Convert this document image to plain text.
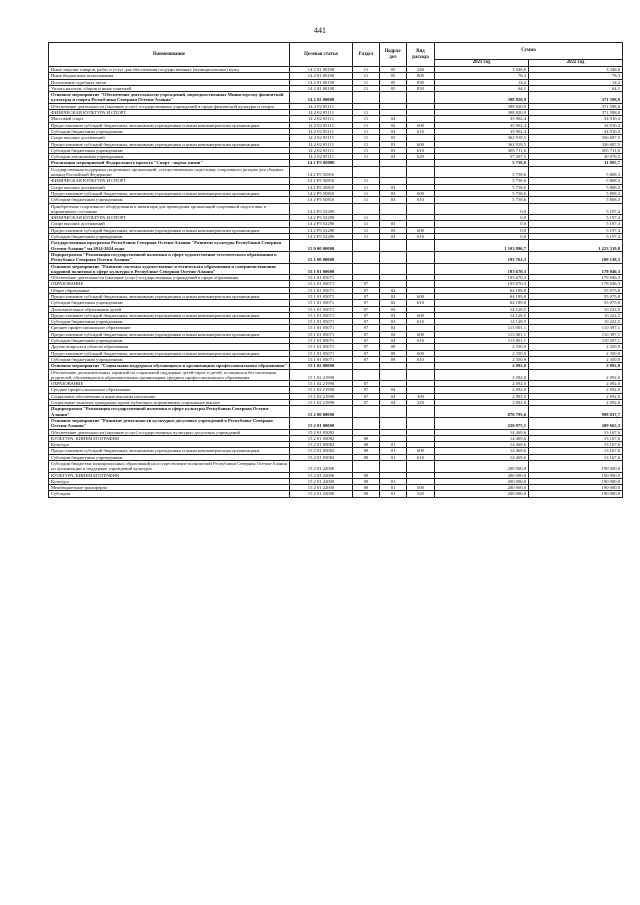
441
Наименование	Целевая статья	Раздел	Подраз-дел	Вид расхода	Сумма	
					2021 год	2022 год
Иные закупки товаров, работ и услуг для обеспечения государственных (муниципальных) нужд	14 2 01 00190	11	05	240	3 348,6	3 348,6
Иные бюджетные ассигнования	14 2 01 00190	11	05	800	78,3	78,3
Исполнение судебных актов	14 2 01 00190	11	05	830	14,2	14,2
Уплата налогов, сборов и иных платежей	14 2 01 00190	11	05	850	64,1	64,1
Основное мероприятие "Обеспечение деятельности учреждений, подведомственных Министерству физической культуры и спорта Республики Северная Осетия-Алания"	14 2 02 00000				398 820,9	371 598,0
Обеспечение деятельности (оказание услуг) государственных учреждений в сфере физической культуры и спорта	14 2 02 05111				398 820,9	371 598,0
ФИЗИЧЕСКАЯ КУЛЬТУРА И СПОРТ	14 2 02 05111	11			398 820,9	371 598,0
Массовый спорт	14 2 02 05111	11	02		35 902,4	34 910,4
Предоставление субсидий бюджетным, автономным учреждениям и иным некоммерческим организациям	14 2 02 05111	11	02	600	35 902,4	34 910,4
Субсидии бюджетным учреждениям	14 2 02 05111	11	02	610	35 902,4	34 910,4
Спорт высших достижений	14 2 02 05111	11	03		362 918,5	336 687,5
Предоставление субсидий бюджетным, автономным учреждениям и иным некоммерческим организациям	14 2 02 05111	11	03	600	362 918,5	336 687,5
Субсидии бюджетным учреждениям	14 2 02 05111	11	03	610	305 711,0	305 711,0
Субсидии автономным учреждениям	14 2 02 05111	11	03	620	57 207,5	30 976,5
Реализация мероприятий Федерального проекта "Спорт - норма жизни"	14 2 P5 00000				5 758,6	11 005,7
Государственная поддержка спортивных организаций, осуществляющих подготовку спортивного резерва для сборных команд Российской Федерации	14 2 P5 50810				5 758,6	5 808,3
ФИЗИЧЕСКАЯ КУЛЬТУРА И СПОРТ	14 2 P5 50810	11			5 758,6	5 808,3
Спорт высших достижений	14 2 P5 50810	11	03		5 758,6	5 808,3
Предоставление субсидий бюджетным, автономным учреждениям и иным некоммерческим организациям	14 2 P5 50810	11	03	600	5 758,6	5 808,3
Субсидии бюджетным учреждениям	14 2 P5 50810	11	03	610	5 758,6	5 808,3
Приобретение спортивного оборудования и инвентаря для приведения организаций спортивной подготовки в нормативное состояние	14 2 P5 52290				0,0	5 197,4
ФИЗИЧЕСКАЯ КУЛЬТУРА И СПОРТ	14 2 P5 52290	11			0,0	5 197,4
Спорт высших достижений	14 2 P5 52290	11	03		0,0	5 197,4
Предоставление субсидий бюджетным, автономным учреждениям и иным некоммерческим организациям	14 2 P5 52290	11	03	600	0,0	5 197,4
Субсидии бюджетным учреждениям	14 2 P5 52290	11	03	610	0,0	5 197,4
Государственная программа Республики Северная Осетия-Алания "Развитие культуры Республики Северная Осетия-Алания" на 2014-2024 годы	15 0 00 00000				1 103 896,7	1 223 319,8
Подпрограмма "Реализация государственной политики в сфере художественно-эстетического образования в Республике Северная Осетия-Алания"	15 1 00 00000				195 762,3	180 138,3
Основное мероприятие "Развитие системы художественно-эстетического образования и совершенствование кадровой политики в сфере культуры в Республике Северная Осетия-Алания"	15 1 01 00000				193 670,3	178 046,3
Обеспечение деятельности (оказание услуг) государственных учреждений в сфере образования	15 1 01 05071				193 670,3	178 046,3
ОБРАЗОВАНИЕ	15 1 01 05071	07			193 670,3	178 046,3
Общее образование	15 1 01 05071	07	02		64 189,8	55 075,8
Предоставление субсидий бюджетным, автономным учреждениям и иным некоммерческим организациям	15 1 01 05071	07	02	600	64 189,8	55 075,8
Субсидии бюджетным учреждениям	15 1 01 05071	07	02	610	64 189,8	55 075,8
Дополнительное образование детей	15 1 01 05071	07	03		14 128,5	10 222,5
Предоставление субсидий бюджетным, автономным учреждениям и иным некоммерческим организациям	15 1 01 05071	07	03	600	14 128,5	10 222,5
Субсидии бюджетным учреждениям	15 1 01 05071	07	03	610	14 128,5	10 222,5
Среднее профессиональное образование	15 1 01 05071	07	04		113 001,1	110 397,1
Предоставление субсидий бюджетным, автономным учреждениям и иным некоммерческим организациям	15 1 01 05071	07	04	600	113 001,1	110 397,1
Субсидии бюджетным учреждениям	15 1 01 05071	07	04	610	113 001,1	110 397,1
Другие вопросы в области образования	15 1 01 05071	07	09		2 350,9	2 350,9
Предоставление субсидий бюджетным, автономным учреждениям и иным некоммерческим организациям	15 1 01 05071	07	09	600	2 350,9	2 350,9
Субсидии бюджетным учреждениям	15 1 01 05071	07	09	610	2 350,9	2 350,9
Основное мероприятие "Социальная поддержка обучающихся в организациях профессионального образования"	15 1 02 00000				2 092,0	2 092,0
Обеспечение дополнительных гарантий по социальной поддержке детей-сирот и детей, оставшихся без попечения родителей, обучающихся в образовательных организациях среднего профессионального образования	15 1 02 21990				2 092,0	2 092,0
ОБРАЗОВАНИЕ	15 1 02 21990	07			2 092,0	2 092,0
Среднее профессиональное образование	15 1 02 21990	07	04		2 092,0	2 092,0
Социальное обеспечение и иные выплаты населению	15 1 02 21990	07	04	300	2 092,0	2 092,0
Социальные выплаты гражданам, кроме публичных нормативных социальных выплат	15 1 02 21990	07	04	320	2 092,0	2 092,0
Подпрограмма "Реализация государственной политики в сфере культуры Республики Северная Осетия-Алания"	15 2 00 00000				870 795,6	998 037,7
Основное мероприятие "Развитие деятельности культурно-досуговых учреждений в Республике Северная Осетия-Алания"	15 2 01 00000				220 075,1	209 665,3
Обеспечение деятельности (оказание услуг) государственных культурно-досуговых учреждений	15 2 01 05082				14 469,6	13 167,6
КУЛЬТУРА, КИНЕМАТОГРАФИЯ	15 2 01 05082	08			14 469,6	13 167,6
Культура	15 2 01 05082	08	01		14 469,6	13 167,6
Предоставление субсидий бюджетным, автономным учреждениям и иным некоммерческим организациям	15 2 01 05082	08	01	600	14 469,6	13 167,6
Субсидии бюджетным учреждениям	15 2 01 05082	08	01	610	14 469,6	13 167,6
Субсидии бюджетам муниципальных образований на осуществление полномочий Республики Северная Осетия-Алания по организации и поддержке учреждений культуры	15 2 01 22000				200 000,0	190 000,0
КУЛЬТУРА, КИНЕМАТОГРАФИЯ	15 2 01 22000	08			200 000,0	190 000,0
Культура	15 2 01 22000	08	01		200 000,0	190 000,0
Межбюджетные трансферты	15 2 01 22000	08	01	500	200 000,0	190 000,0
Субсидии	15 2 01 22000	08	01	520	200 000,0	190 000,0
